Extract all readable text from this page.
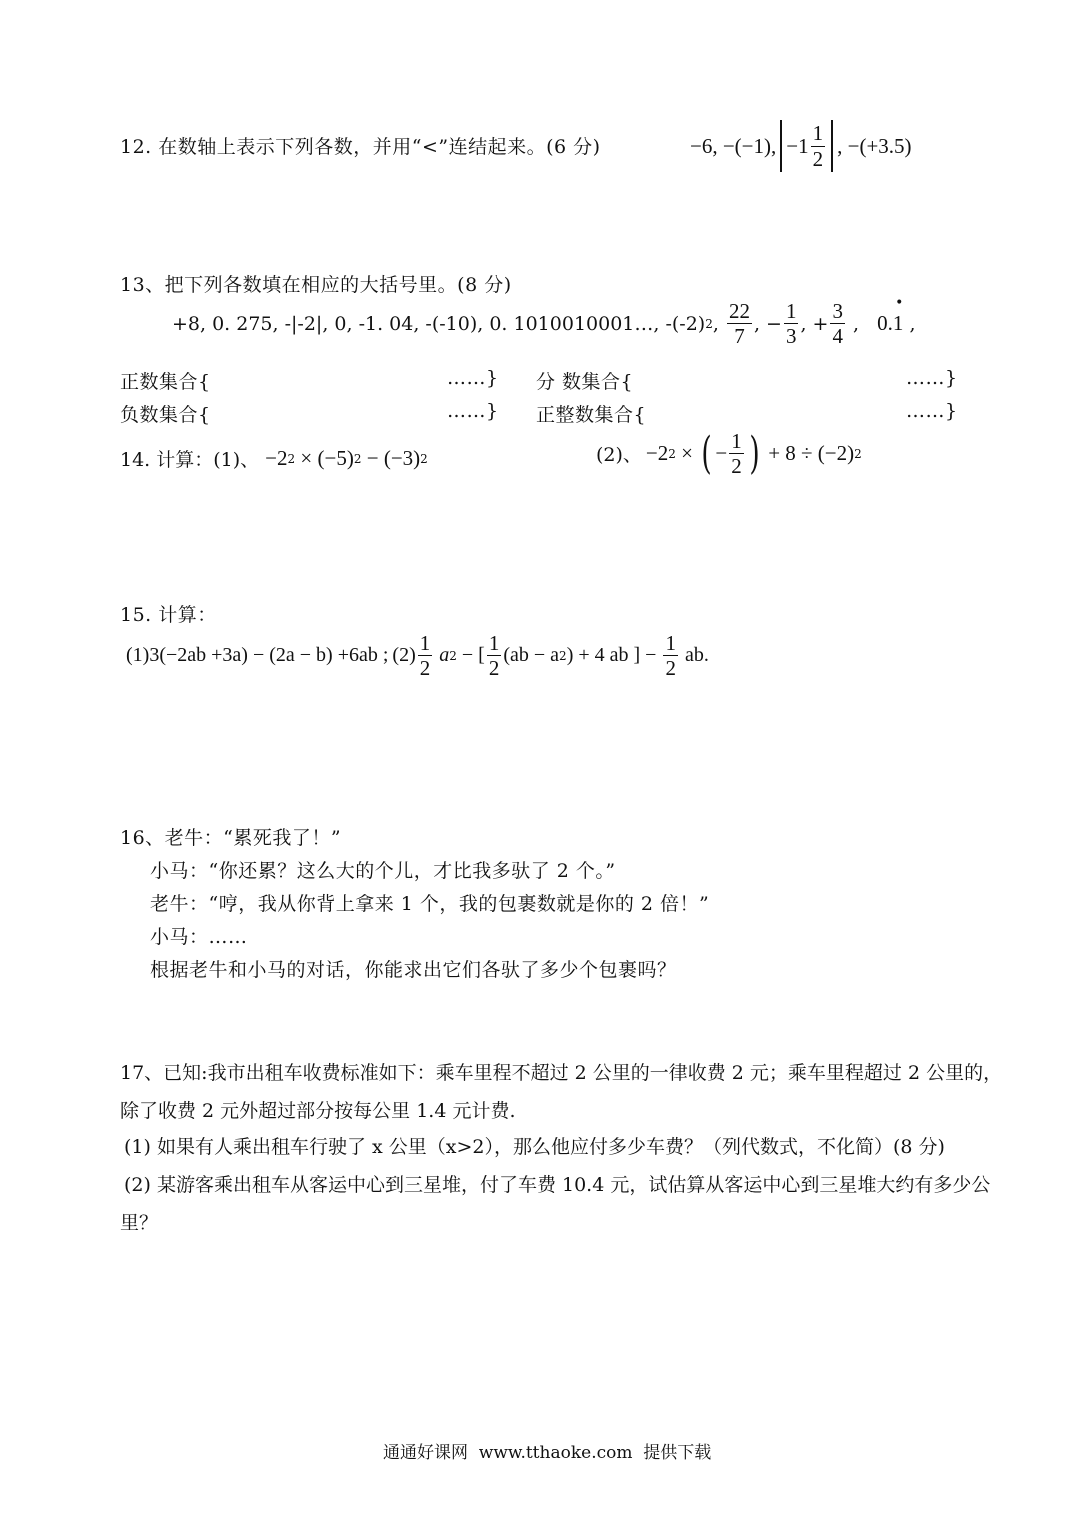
12. 在数轴上表示下列各数，并用“<”连结起来。(6 分)	−6, −(−1), $-1 \frac{1}{2}$ , −(+3.5)
13、把下列各数填在相应的大括号里。(8 分)
+8, 0. 275, -|-2|, 0, -1. 04, -(-10), 0. 1010010001…, -(-2) 2 , $\frac{22}{7}$ , − $\frac{1}{3}$ , + $\frac{3}{4}$ , 0.1
•
,
正数集合{	……} 分 数集合{	……}
负数集合{	……} 正整数集合{	……}
14. 计算：(1)、 −2 2 × (−5) 2 − (−3) 2	(2)、 −2 2 × ( − $\frac{1}{2}$ ) + 8 ÷ (−2) 2
15. 计算：
(1)3(−2ab +3a) − (2a − b) +6ab ; $(2) \frac{1}{2}$ a 2 − [ $\frac{1}{2} (ab - a$ 2 ) + 4 ab ] − $\frac{1}{2}$ ab.
16、老牛：“累死我了！”
小马：“你还累？这么大的个儿，才比我多驮了 2 个。”
老牛：“哼，我从你背上拿来 1 个，我的包裹数就是你的 2 倍！”
小马：……
根据老牛和小马的对话，你能求出它们各驮了多少个包裹吗？
17、已知:我市出租车收费标准如下：乘车里程不超过 2 公里的一律收费 2 元；乘车里程超过 2 公里的，
除了收费 2 元外超过部分按每公里 1.4 元计费.
(1) 如果有人乘出租车行驶了 x 公里（x>2），那么他应付多少车费？（列代数式，不化简）(8 分)
(2) 某游客乘出租车从客运中心到三星堆，付了车费 10.4 元，试估算从客运中心到三星堆大约有多少公
里？
通通好课网  www.tthaoke.com  提供下载
